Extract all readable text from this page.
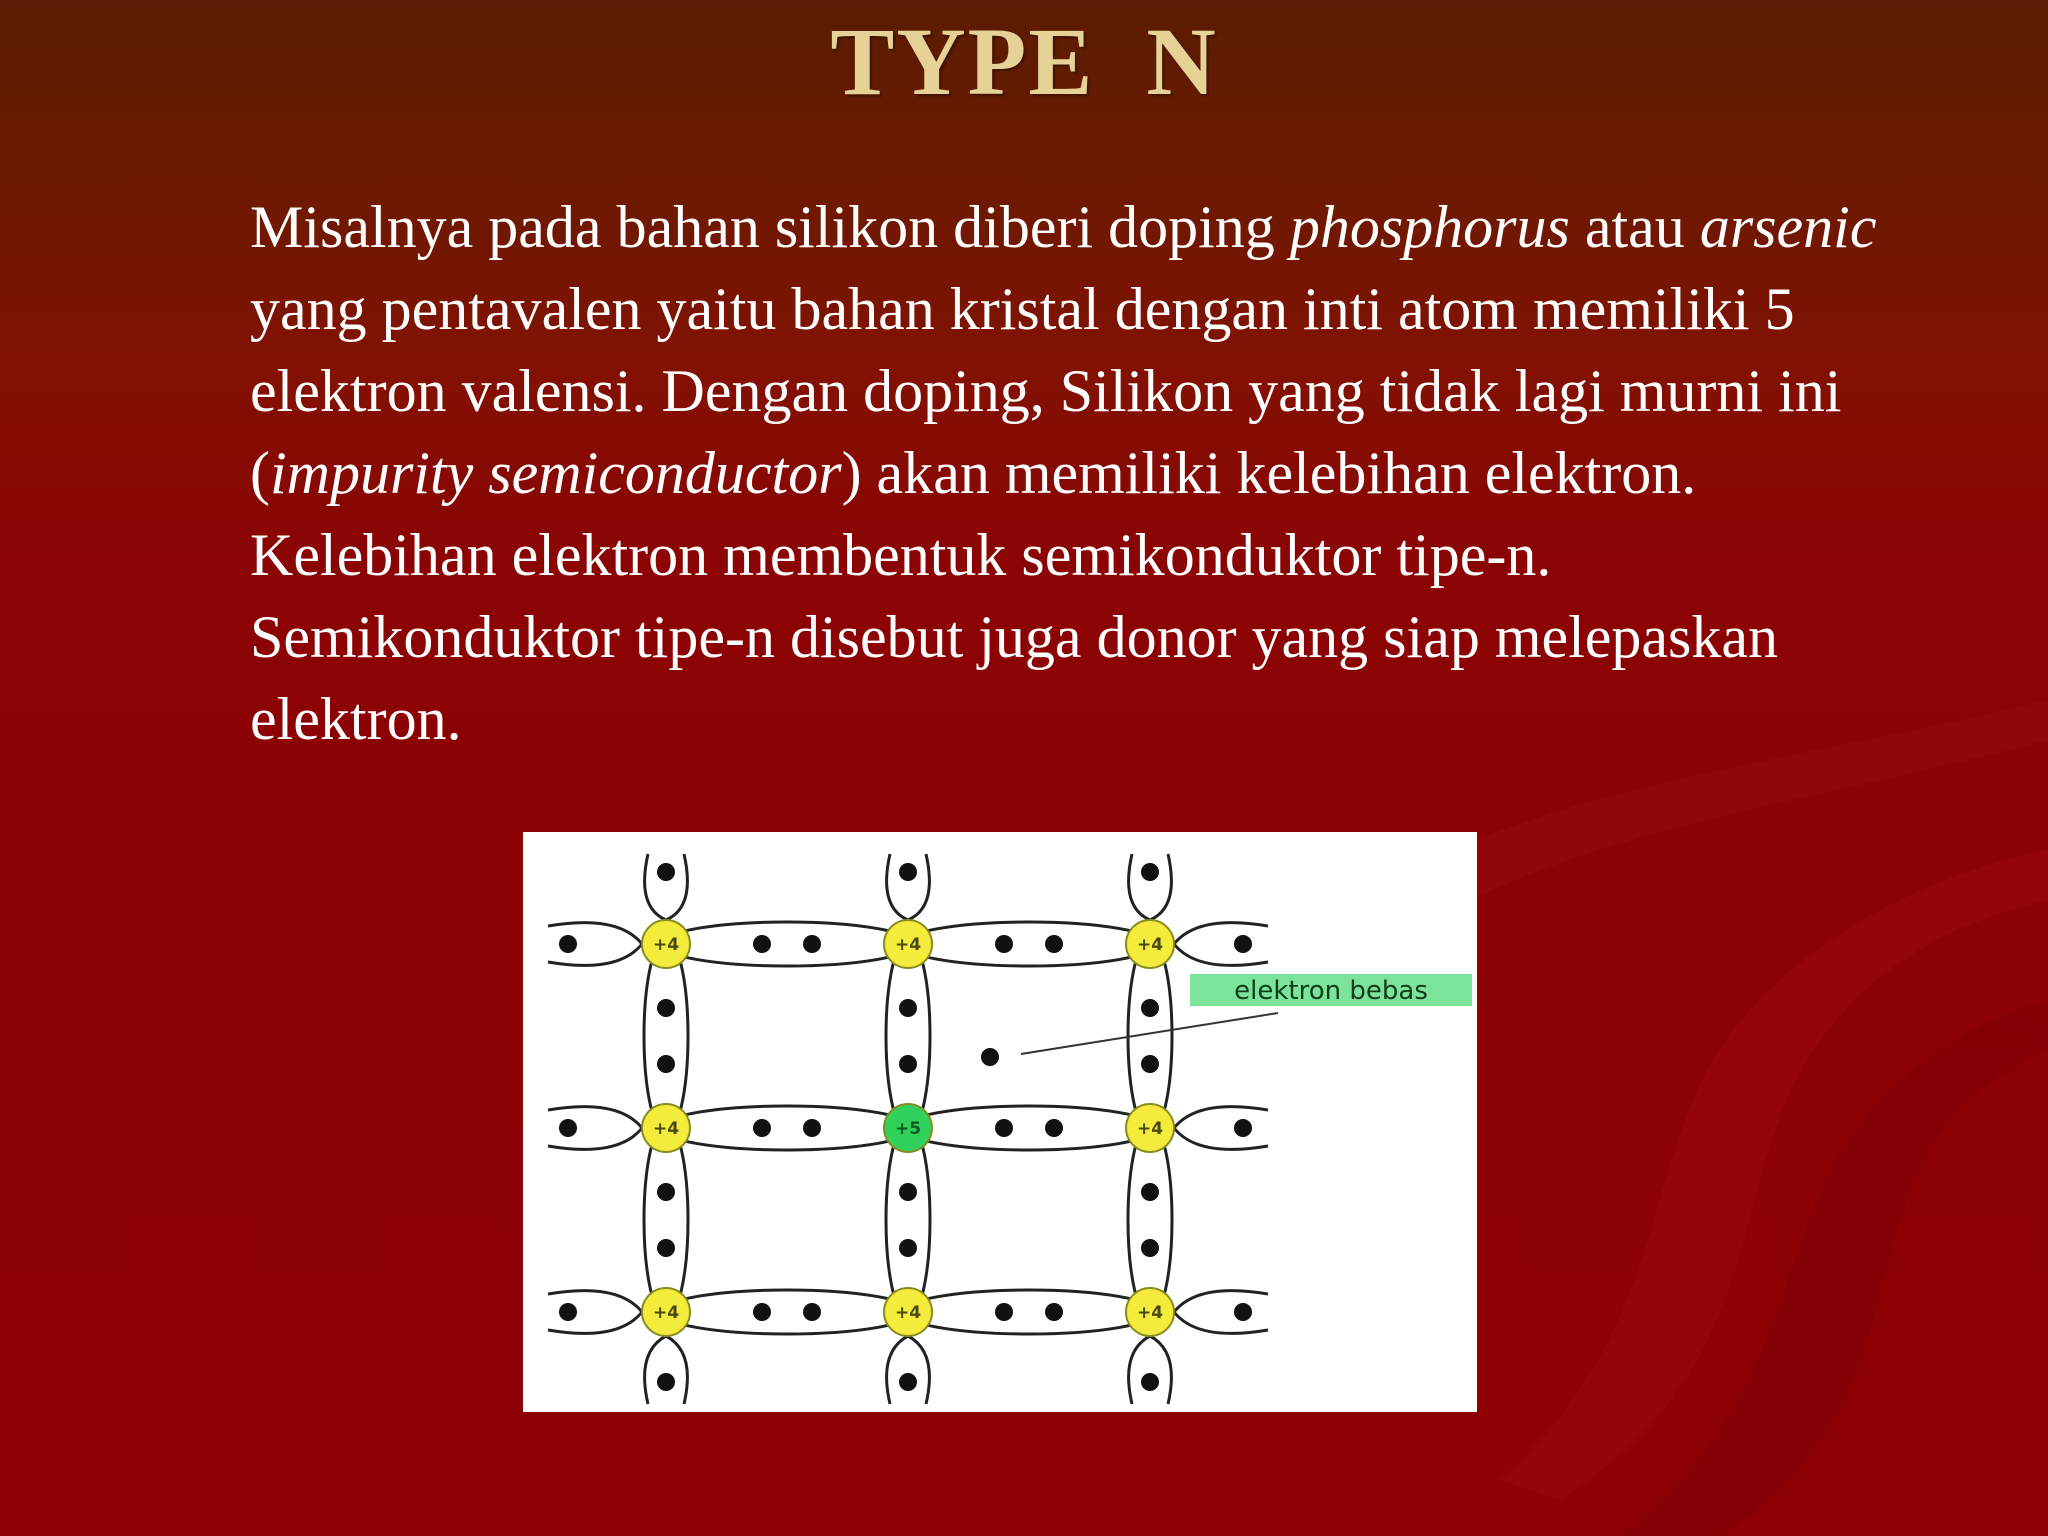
TYPE  N
Misalnya pada bahan silikon diberi doping phosphorus atau arsenic
yang pentavalen yaitu bahan kristal dengan inti atom memiliki 5
elektron valensi. Dengan doping, Silikon yang tidak lagi murni ini
(impurity semiconductor) akan memiliki kelebihan elektron.
Kelebihan elektron membentuk semikonduktor tipe-n.
Semikonduktor tipe-n disebut juga donor yang siap melepaskan
elektron.
+4	+4	+4
+4	+5	+4
+4	+4	+4
elektron bebas
